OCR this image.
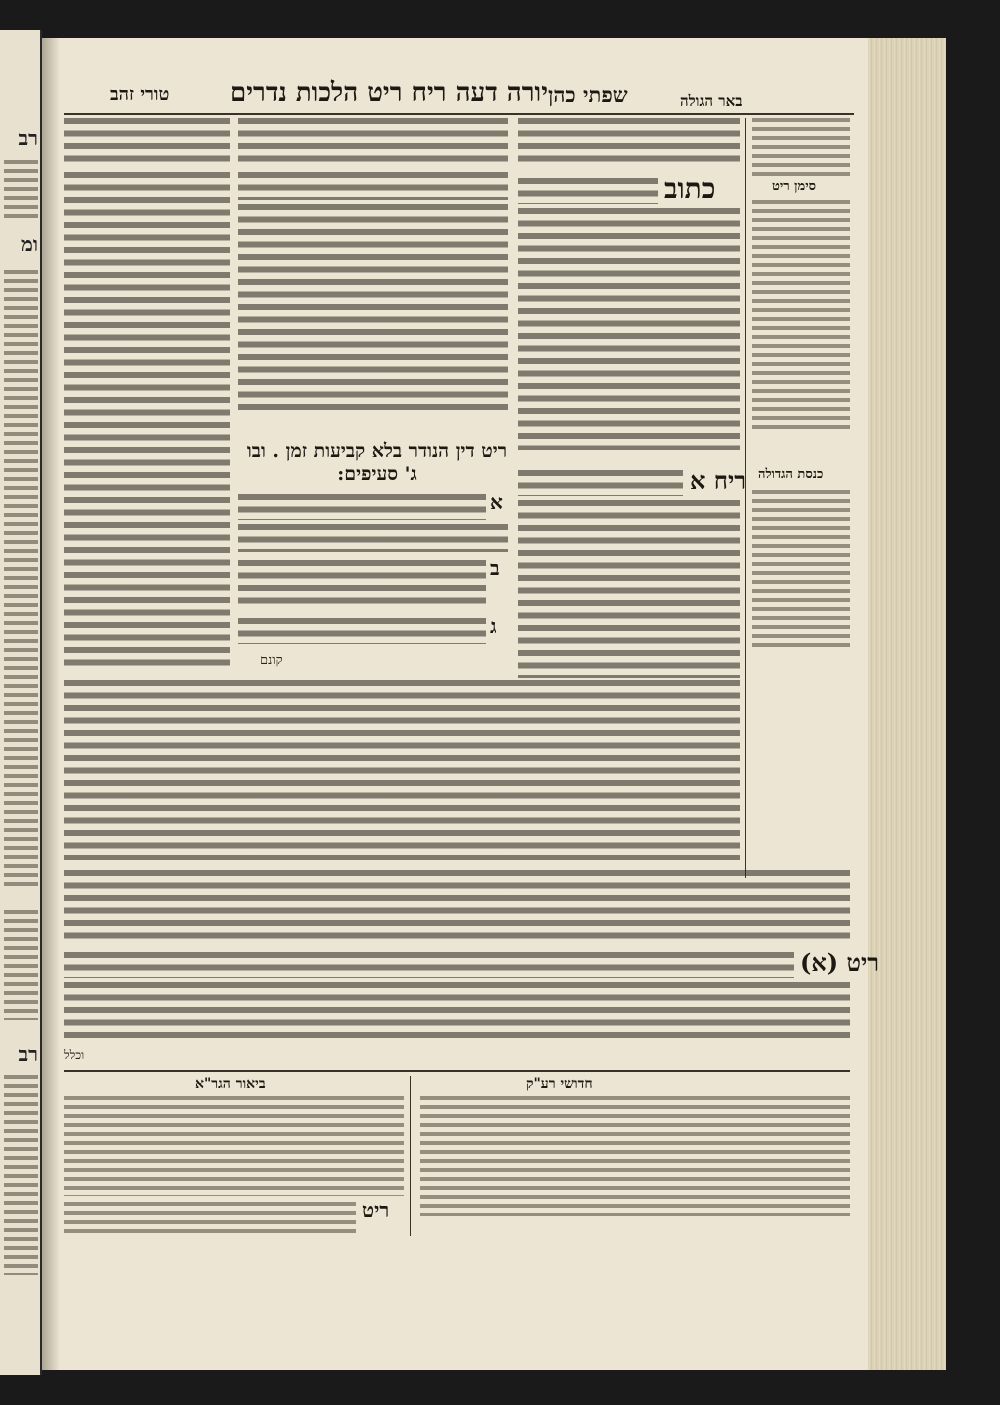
רב
ומ
רב
טורי זהב יורה דעה ריח ריט הלכות נדרים שפתי כהן	באר הגולה
סימן ריט
כנסת הגדולה
כתוב
ריח א
ריט דין הנודר בלא קביעות זמן . ובו ג' סעיפים:
א
ב
ג
קונם
ריט (א)
וכלל
ביאור הגר"א	חדושי רע"ק
ריט
